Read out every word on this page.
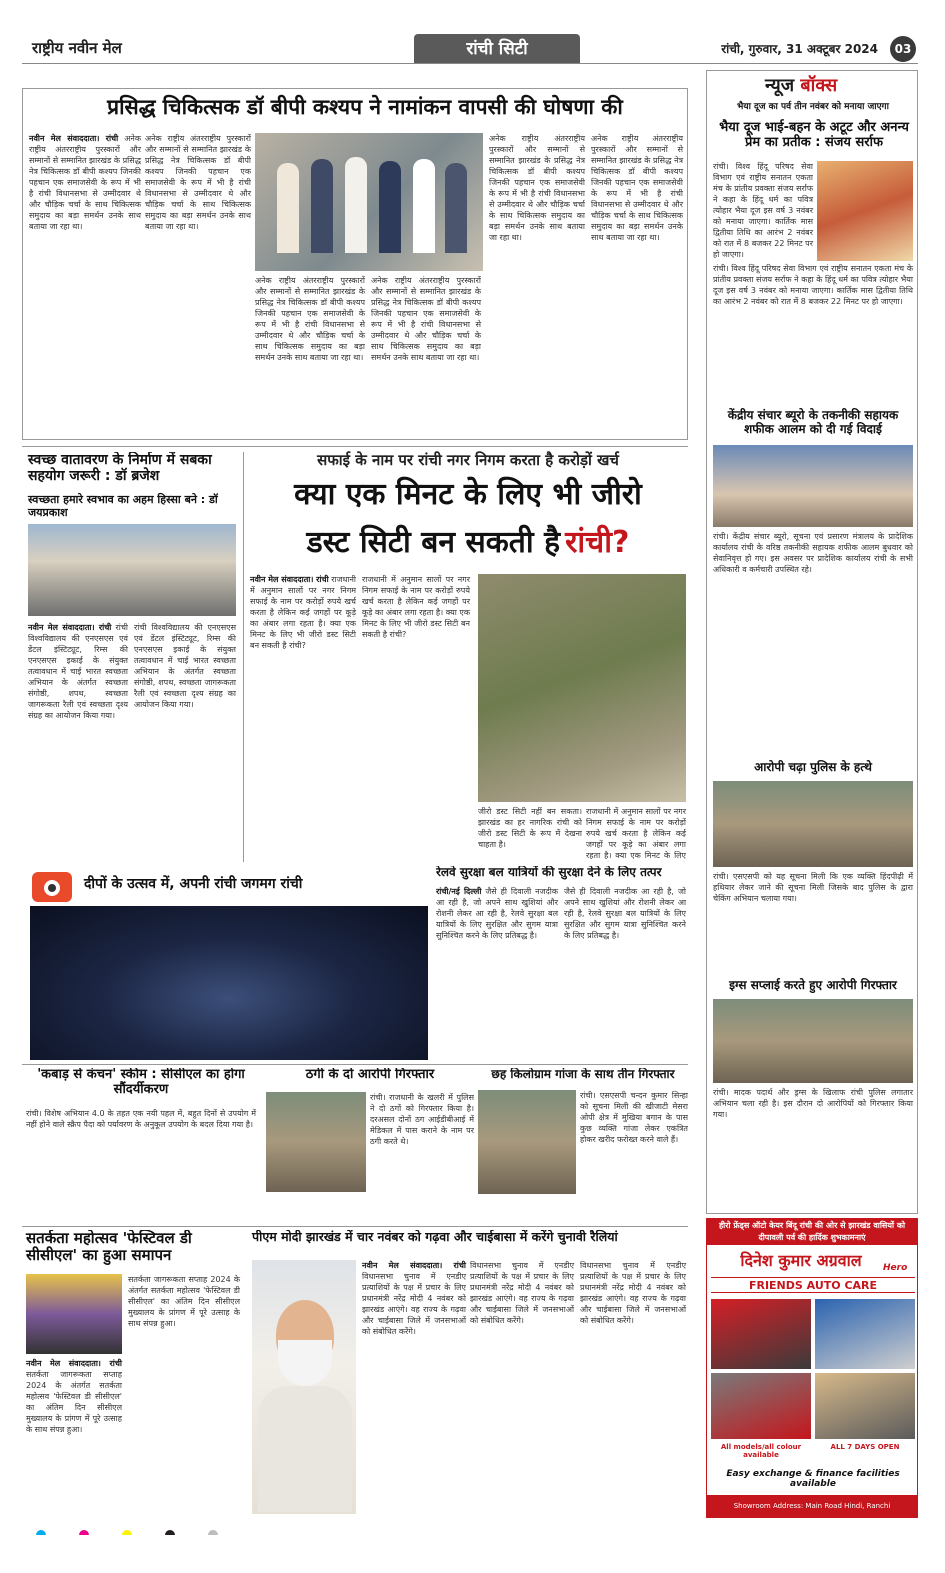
राष्ट्रीय नवीन मेल	रांची सिटी	रांची, गुरुवार, 31 अक्टूबर 2024	03
प्रसिद्ध चिकित्सक डॉ बीपी कश्यप ने नामांकन वापसी की घोषणा की
नवीन मेल संवाददाता। रांची अनेक राष्ट्रीय अंतरराष्ट्रीय पुरस्कारों और सम्मानों से सम्मानित झारखंड के प्रसिद्ध नेत्र चिकित्सक डॉ बीपी कश्यप जिनकी पहचान एक समाजसेवी के रूप में भी है रांची विधानसभा से उम्मीदवार थे और चौड़िक चर्चा के साथ चिकित्सक समुदाय का बड़ा समर्थन उनके साथ बताया जा रहा था।
अनेक राष्ट्रीय अंतरराष्ट्रीय पुरस्कारों और सम्मानों से सम्मानित झारखंड के प्रसिद्ध नेत्र चिकित्सक डॉ बीपी कश्यप जिनकी पहचान एक समाजसेवी के रूप में भी है रांची विधानसभा से उम्मीदवार थे और चौड़िक चर्चा के साथ चिकित्सक समुदाय का बड़ा समर्थन उनके साथ बताया जा रहा था।
अनेक राष्ट्रीय अंतरराष्ट्रीय पुरस्कारों और सम्मानों से सम्मानित झारखंड के प्रसिद्ध नेत्र चिकित्सक डॉ बीपी कश्यप जिनकी पहचान एक समाजसेवी के रूप में भी है रांची विधानसभा से उम्मीदवार थे और चौड़िक चर्चा के साथ चिकित्सक समुदाय का बड़ा समर्थन उनके साथ बताया जा रहा था।
अनेक राष्ट्रीय अंतरराष्ट्रीय पुरस्कारों और सम्मानों से सम्मानित झारखंड के प्रसिद्ध नेत्र चिकित्सक डॉ बीपी कश्यप जिनकी पहचान एक समाजसेवी के रूप में भी है रांची विधानसभा से उम्मीदवार थे और चौड़िक चर्चा के साथ चिकित्सक समुदाय का बड़ा समर्थन उनके साथ बताया जा रहा था।
अनेक राष्ट्रीय अंतरराष्ट्रीय पुरस्कारों और सम्मानों से सम्मानित झारखंड के प्रसिद्ध नेत्र चिकित्सक डॉ बीपी कश्यप जिनकी पहचान एक समाजसेवी के रूप में भी है रांची विधानसभा से उम्मीदवार थे और चौड़िक चर्चा के साथ चिकित्सक समुदाय का बड़ा समर्थन उनके साथ बताया जा रहा था।
अनेक राष्ट्रीय अंतरराष्ट्रीय पुरस्कारों और सम्मानों से सम्मानित झारखंड के प्रसिद्ध नेत्र चिकित्सक डॉ बीपी कश्यप जिनकी पहचान एक समाजसेवी के रूप में भी है रांची विधानसभा से उम्मीदवार थे और चौड़िक चर्चा के साथ चिकित्सक समुदाय का बड़ा समर्थन उनके साथ बताया जा रहा था।
न्यूज बॉक्स
भैया दूज का पर्व तीन नवंबर को मनाया जाएगा
भैया दूज भाई-बहन के अटूट और अनन्य प्रेम का प्रतीक : संजय सर्राफ
रांची। विश्व हिंदू परिषद सेवा विभाग एवं राष्ट्रीय सनातन एकता मंच के प्रांतीय प्रवक्ता संजय सर्राफ ने कहा के हिंदू धर्म का पवित्र त्योहार भैया दूज इस वर्ष 3 नवंबर को मनाया जाएगा। कार्तिक मास द्वितीया तिथि का आरंभ 2 नवंबर को रात में 8 बजकर 22 मिनट पर हो जाएगा।
रांची। विश्व हिंदू परिषद सेवा विभाग एवं राष्ट्रीय सनातन एकता मंच के प्रांतीय प्रवक्ता संजय सर्राफ ने कहा के हिंदू धर्म का पवित्र त्योहार भैया दूज इस वर्ष 3 नवंबर को मनाया जाएगा। कार्तिक मास द्वितीया तिथि का आरंभ 2 नवंबर को रात में 8 बजकर 22 मिनट पर हो जाएगा।
केंद्रीय संचार ब्यूरो के तकनीकी सहायक शफीक आलम को दी गई विदाई
रांची। केंद्रीय संचार ब्यूरो, सूचना एवं प्रसारण मंत्रालय के प्रादेशिक कार्यालय रांची के वरिष्ठ तकनीकी सहायक शफीक आलम बुधवार को सेवानिवृत्त हो गए। इस अवसर पर प्रादेशिक कार्यालय रांची के सभी अधिकारी व कर्मचारी उपस्थित रहे।
आरोपी चढ़ा पुलिस के हत्थे
रांची। एसएसपी को यह सूचना मिली कि एक व्यक्ति हिंदपीढ़ी में हथियार लेकर जाने की सूचना मिली जिसके बाद पुलिस के द्वारा चेकिंग अभियान चलाया गया।
इग्स सप्लाई करते हुए आरोपी गिरफ्तार
रांची। मादक पदार्थ और ड्रग्स के खिलाफ रांची पुलिस लगातार अभियान चला रही है। इस दौरान दो आरोपियों को गिरफ्तार किया गया।
स्वच्छ वातावरण के निर्माण में सबका सहयोग जरूरी : डॉ ब्रजेश
स्वच्छता हमारे स्वभाव का अहम हिस्सा बने : डॉ जयप्रकाश
नवीन मेल संवाददाता। रांची रांची विश्वविद्यालय की एनएसएस एवं डेंटल इंस्टिट्यूट, रिम्स की एनएसएस इकाई के संयुक्त तत्वावधान में चाई भारत स्वच्छता अभियान के अंतर्गत स्वच्छता संगोष्ठी, शपथ, स्वच्छता जागरूकता रैली एवं स्वच्छता दृश्य संग्रह का आयोजन किया गया।
रांची विश्वविद्यालय की एनएसएस एवं डेंटल इंस्टिट्यूट, रिम्स की एनएसएस इकाई के संयुक्त तत्वावधान में चाई भारत स्वच्छता अभियान के अंतर्गत स्वच्छता संगोष्ठी, शपथ, स्वच्छता जागरूकता रैली एवं स्वच्छता दृश्य संग्रह का आयोजन किया गया।
सफाई के नाम पर रांची नगर निगम करता है करोड़ों खर्च
क्या एक मिनट के लिए भी जीरो
डस्ट सिटी बन सकती है रांची?
नवीन मेल संवाददाता। रांची राजधानी में अनुमान सालों पर नगर निगम सफाई के नाम पर करोड़ों रुपये खर्च करता है लेकिन कई जगहों पर कूड़े का अंबार लगा रहता है। क्या एक मिनट के लिए भी जीरो डस्ट सिटी बन सकती है रांची?
राजधानी में अनुमान सालों पर नगर निगम सफाई के नाम पर करोड़ों रुपये खर्च करता है लेकिन कई जगहों पर कूड़े का अंबार लगा रहता है। क्या एक मिनट के लिए भी जीरो डस्ट सिटी बन सकती है रांची?
जीरो डस्ट सिटी नहीं बन सकता। झारखंड का हर नागरिक रांची को जीरो डस्ट सिटी के रूप में देखना चाहता है।
राजधानी में अनुमान सालों पर नगर निगम सफाई के नाम पर करोड़ों रुपये खर्च करता है लेकिन कई जगहों पर कूड़े का अंबार लगा रहता है। क्या एक मिनट के लिए
दीपों के उत्सव में, अपनी रांची जगमग रांची
रेलवे सुरक्षा बल यात्रियों की सुरक्षा देने के लिए तत्पर
रांची/नई दिल्ली जैसे ही दिवाली नजदीक आ रही है, जो अपने साथ खुशियां और रोशनी लेकर आ रही है, रेलवे सुरक्षा बल यात्रियों के लिए सुरक्षित और सुगम यात्रा सुनिश्चित करने के लिए प्रतिबद्ध है।
जैसे ही दिवाली नजदीक आ रही है, जो अपने साथ खुशियां और रोशनी लेकर आ रही है, रेलवे सुरक्षा बल यात्रियों के लिए सुरक्षित और सुगम यात्रा सुनिश्चित करने के लिए प्रतिबद्ध है।
'कबाड़ से कंचन' स्कीम : सीसीएल का होगा सौंदर्यीकरण
रांची। विशेष अभियान 4.0 के तहत एक नयी पहल में, बहुत दिनों से उपयोग में नहीं होने वाले स्क्रैप पैदा को पर्यावरण के अनुकूल उपयोग के बदल दिया गया है।
ठगी के दो आरोपी गिरफ्तार
रांची। राजधानी के खलरी में पुलिस ने दो ठगों को गिरफ्तार किया है। दरअसल दोनों ठग आईडीबीआई में मेडिकल में पास कराने के नाम पर ठगी करते थे।
छह किलोग्राम गांजा के साथ तीन गिरफ्तार
रांची। एसएसपी चन्दन कुमार सिन्हा को सूचना मिली की खीजाटी मेसरा ओपी क्षेत्र में मुखिया बगान के पास कुछ व्यक्ति गांजा लेकर एकत्रित होकर खरीद फरोख्त करने वाले हैं।
सतर्कता महोत्सव 'फेस्टिवल डी सीसीएल' का हुआ समापन
नवीन मेल संवाददाता। रांची सतर्कता जागरूकता सप्ताह 2024 के अंतर्गत सतर्कता महोत्सव 'फेस्टिवल डी सीसीएल' का अंतिम दिन सीसीएल मुख्यालय के प्रांगण में पूरे उत्साह के साथ संपन्न हुआ।
सतर्कता जागरूकता सप्ताह 2024 के अंतर्गत सतर्कता महोत्सव 'फेस्टिवल डी सीसीएल' का अंतिम दिन सीसीएल मुख्यालय के प्रांगण में पूरे उत्साह के साथ संपन्न हुआ।
पीएम मोदी झारखंड में चार नवंबर को गढ़वा और चाईबासा में करेंगे चुनावी रैलियां
नवीन मेल संवाददाता। रांची विधानसभा चुनाव में एनडीए प्रत्याशियों के पक्ष में प्रचार के लिए प्रधानमंत्री नरेंद्र मोदी 4 नवंबर को झारखंड आएंगे। वह राज्य के गढ़वा और चाईबासा जिले में जनसभाओं को संबोधित करेंगे।
विधानसभा चुनाव में एनडीए प्रत्याशियों के पक्ष में प्रचार के लिए प्रधानमंत्री नरेंद्र मोदी 4 नवंबर को झारखंड आएंगे। वह राज्य के गढ़वा और चाईबासा जिले में जनसभाओं को संबोधित करेंगे।
विधानसभा चुनाव में एनडीए प्रत्याशियों के पक्ष में प्रचार के लिए प्रधानमंत्री नरेंद्र मोदी 4 नवंबर को झारखंड आएंगे। वह राज्य के गढ़वा और चाईबासा जिले में जनसभाओं को संबोधित करेंगे।
हीरो फ्रेंड्स ऑटो केयर बिंदू रांची की ओर से झारखंड वासियों को दीपावली पर्व की हार्दिक शुभकामनाएं
दिनेश कुमार अग्रवाल	Hero
FRIENDS AUTO CARE
All models/all colour available
ALL 7 DAYS OPEN
Easy exchange & finance facilities available
Showroom Address: Main Road Hindi, Ranchi
